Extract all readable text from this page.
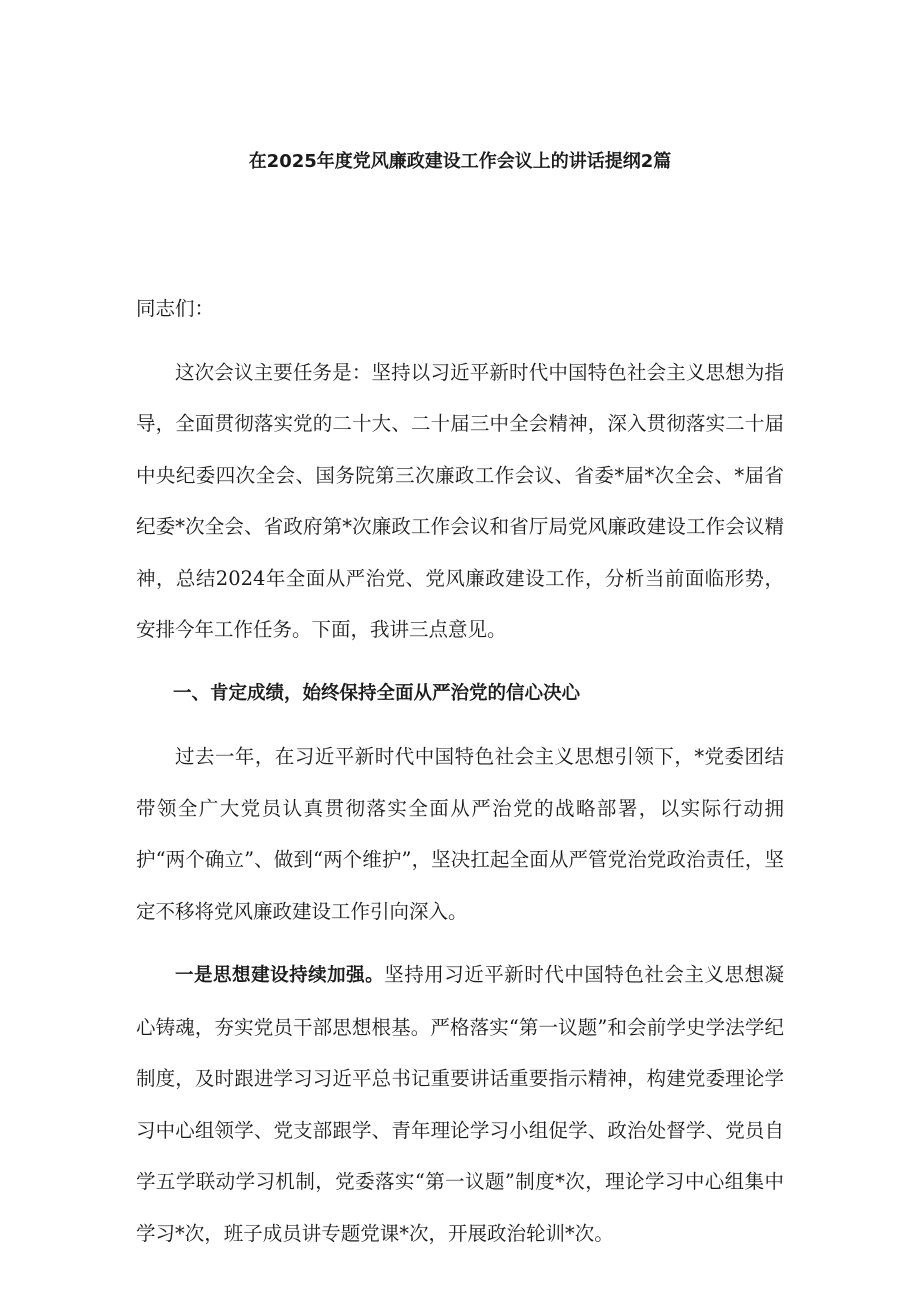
在2025年度党风廉政建设工作会议上的讲话提纲2篇

同志们：

这次会议主要任务是：坚持以习近平新时代中国特色社会主义思想为指导，全面贯彻落实党的二十大、二十届三中全会精神，深入贯彻落实二十届中央纪委四次全会、国务院第三次廉政工作会议、省委*届*次全会、*届省纪委*次全会、省政府第*次廉政工作会议和省厅局党风廉政建设工作会议精神，总结2024年全面从严治党、党风廉政建设工作，分析当前面临形势，安排今年工作任务。下面，我讲三点意见。

一、肯定成绩，始终保持全面从严治党的信心决心

过去一年，在习近平新时代中国特色社会主义思想引领下，*党委团结带领全广大党员认真贯彻落实全面从严治党的战略部署，以实际行动拥护“两个确立”、做到“两个维护”，坚决扛起全面从严管党治党政治责任，坚定不移将党风廉政建设工作引向深入。

一是思想建设持续加强。坚持用习近平新时代中国特色社会主义思想凝心铸魂，夯实党员干部思想根基。严格落实“第一议题”和会前学史学法学纪制度，及时跟进学习习近平总书记重要讲话重要指示精神，构建党委理论学习中心组领学、党支部跟学、青年理论学习小组促学、政治处督学、党员自学五学联动学习机制，党委落实“第一议题”制度*次，理论学习中心组集中学习*次，班子成员讲专题党课*次，开展政治轮训*次。
